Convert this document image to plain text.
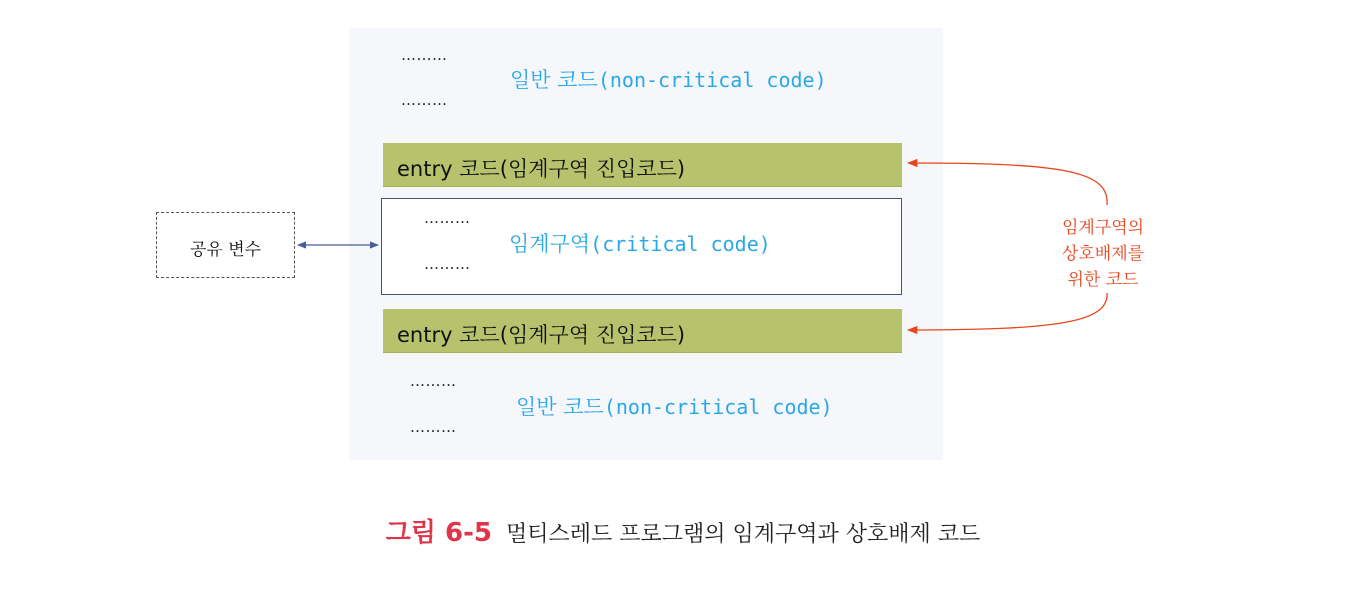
………
일반 코드(non-critical code)
………
entry 코드(임계구역 진입코드)
………
임계구역(critical code)
………
entry 코드(임계구역 진입코드)
………
일반 코드(non-critical code)
………
공유 변수
임계구역의
상호배제를
위한 코드
그림 6-5 멀티스레드 프로그램의 임계구역과 상호배제 코드
